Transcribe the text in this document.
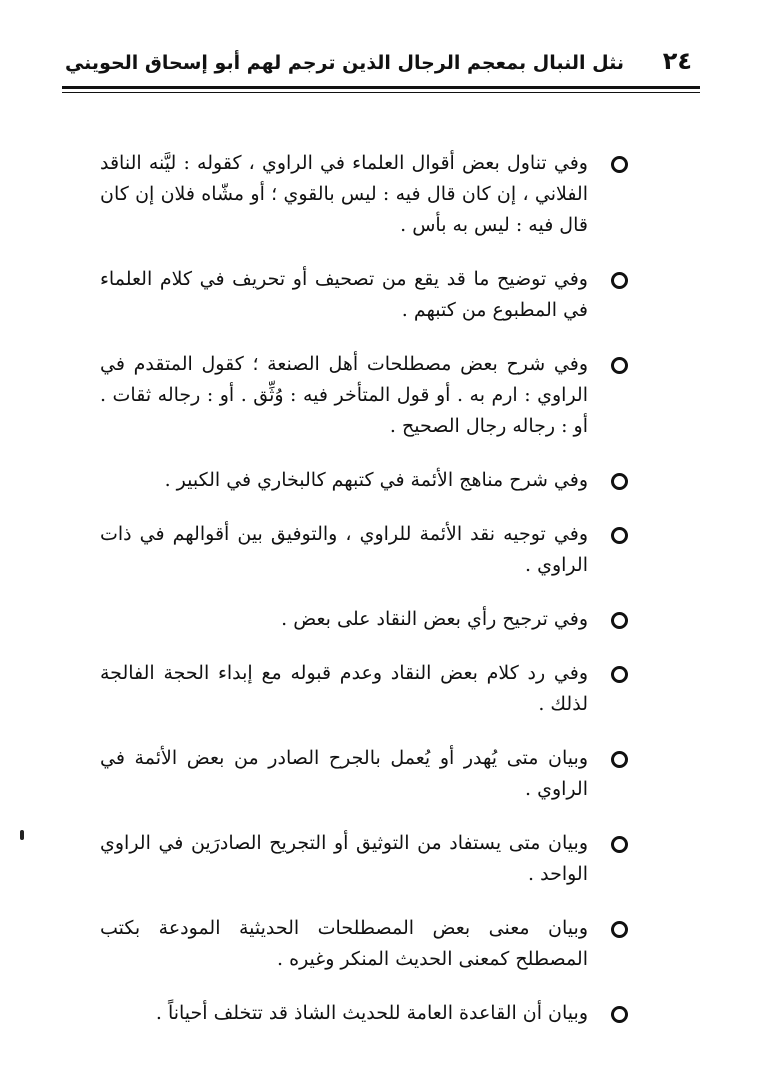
نثل النبال بمعجم الرجال الذين ترجم لهم أبو إسحاق الحويني ٢٤
وفي تناول بعض أقوال العلماء في الراوي ، كقوله : ليَّنه الناقد الفلاني ، إن كان قال فيه : ليس بالقوي ؛ أو مشّاه فلان إن كان قال فيه : ليس به بأس .
وفي توضيح ما قد يقع من تصحيف أو تحريف في كلام العلماء في المطبوع من كتبهم .
وفي شرح بعض مصطلحات أهل الصنعة ؛ كقول المتقدم في الراوي : ارم به . أو قول المتأخر فيه : وُثِّق . أو : رجاله ثقات . أو : رجاله رجال الصحيح .
وفي شرح مناهج الأئمة في كتبهم كالبخاري في الكبير .
وفي توجيه نقد الأئمة للراوي ، والتوفيق بين أقوالهم في ذات الراوي .
وفي ترجيح رأي بعض النقاد على بعض .
وفي رد كلام بعض النقاد وعدم قبوله مع إبداء الحجة الفالجة لذلك .
وبيان متى يُهدر أو يُعمل بالجرح الصادر من بعض الأئمة في الراوي .
وبيان متى يستفاد من التوثيق أو التجريح الصادرَين في الراوي الواحد .
وبيان معنى بعض المصطلحات الحديثية المودعة بكتب المصطلح كمعنى الحديث المنكر وغيره .
وبيان أن القاعدة العامة للحديث الشاذ قد تتخلف أحياناً .
